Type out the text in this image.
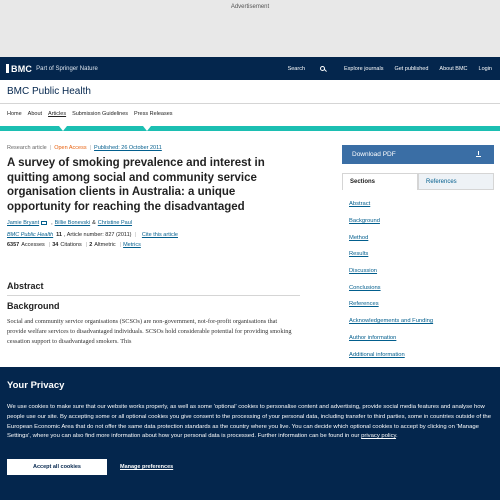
Advertisement
BMC Part of Springer Nature	Search	Explore journals Get published About BMC Login
BMC Public Health
Home About Articles Submission Guidelines Press Releases
Research article | Open Access | Published: 26 October 2011
A survey of smoking prevalence and interest in quitting among social and community service organisation clients in Australia: a unique opportunity for reaching the disadvantaged
Jamie Bryant , Billie Bonevski & Christine Paul
BMC Public Health 11 , Article number: 827 (2011) | Cite this article
6357 Accesses | 34 Citations | 2 Altmetric | Metrics
Abstract
Background

Social and community service organisations (SCSOs) are non-government, not-for-profit organisations that provide welfare services to disadvantaged individuals. SCSOs hold considerable potential for providing smoking cessation support to disadvantaged smokers. This

Download PDF
Sections	References
Abstract
Background
Method
Results
Discussion
Conclusions
References
Acknowledgements and Funding
Author information
Additional information
Your Privacy

We use cookies to make sure that our website works properly, as well as some 'optional' cookies to personalise content and advertising, provide social media features and analyse how people use our site. By accepting some or all optional cookies you give consent to the processing of your personal data, including transfer to third parties, some in countries outside of the European Economic Area that do not offer the same data protection standards as the country where you live. You can decide which optional cookies to accept by clicking on 'Manage Settings', where you can also find more information about how your personal data is processed. Further information can be found in our privacy policy.

Accept all cookies	Manage preferences
